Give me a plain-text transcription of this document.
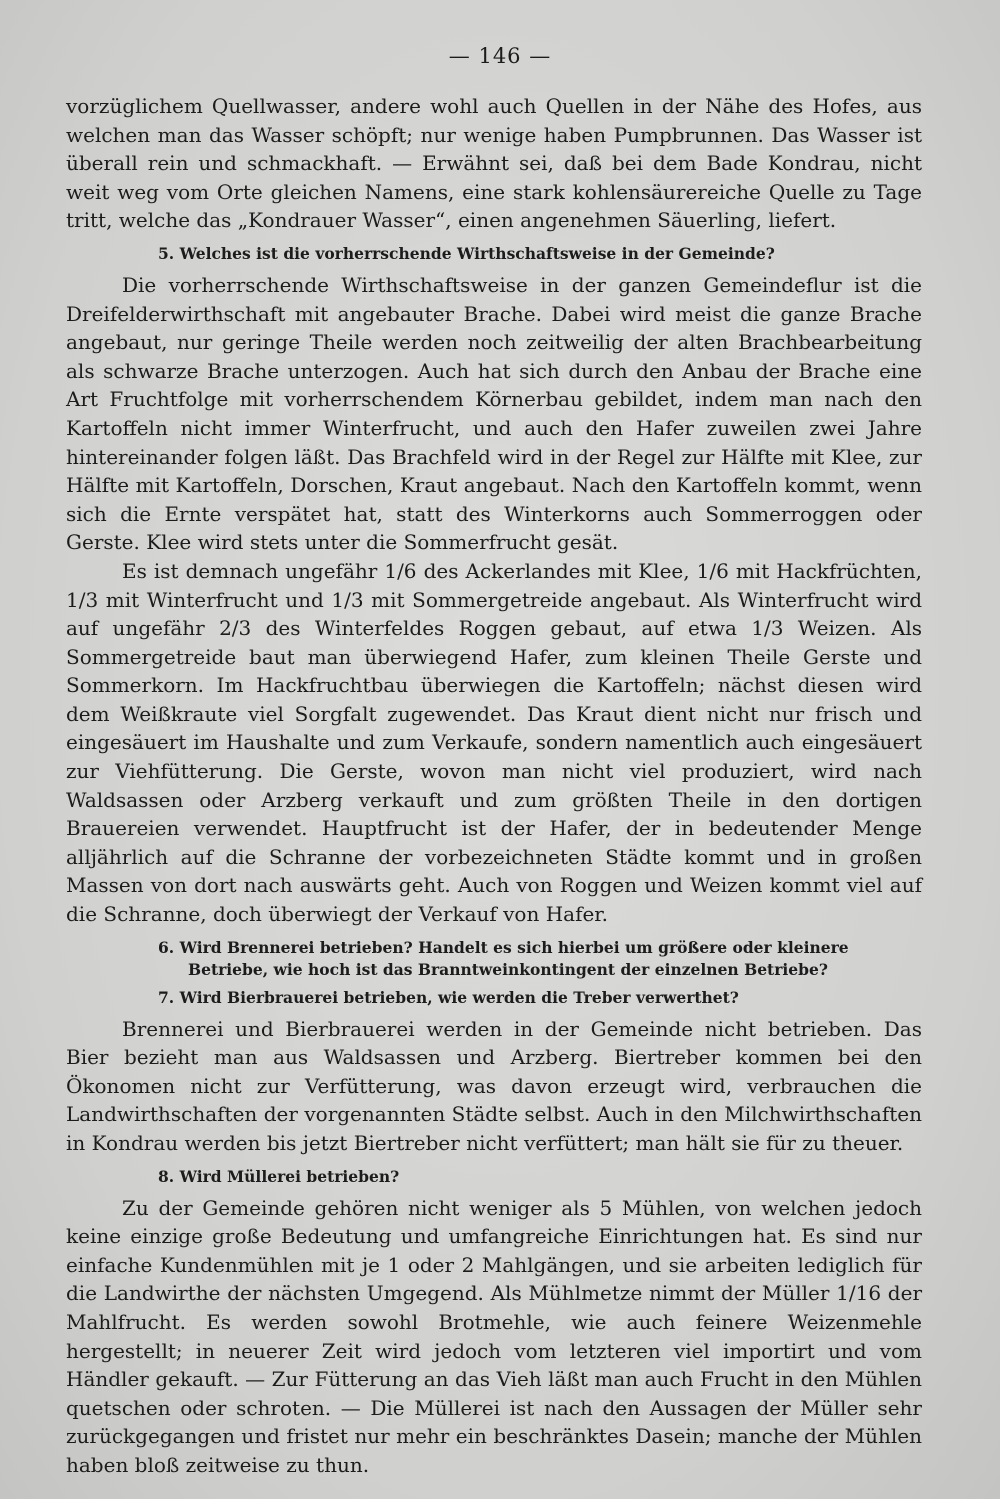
— 146 —

vorzüglichem Quellwasser, andere wohl auch Quellen in der Nähe des Hofes, aus welchen man das Wasser schöpft; nur wenige haben Pumpbrunnen. Das Wasser ist überall rein und schmackhaft. — Erwähnt sei, daß bei dem Bade Kondrau, nicht weit weg vom Orte gleichen Namens, eine stark kohlensäurereiche Quelle zu Tage tritt, welche das „Kondrauer Wasser“, einen angenehmen Säuerling, liefert.

5. Welches ist die vorherrschende Wirthschaftsweise in der Gemeinde?

Die vorherrschende Wirthschaftsweise in der ganzen Gemeindeflur ist die Dreifelderwirthschaft mit angebauter Brache. Dabei wird meist die ganze Brache angebaut, nur geringe Theile werden noch zeitweilig der alten Brachbearbeitung als schwarze Brache unterzogen. Auch hat sich durch den Anbau der Brache eine Art Fruchtfolge mit vorherrschendem Körnerbau gebildet, indem man nach den Kartoffeln nicht immer Winterfrucht, und auch den Hafer zuweilen zwei Jahre hintereinander folgen läßt. Das Brachfeld wird in der Regel zur Hälfte mit Klee, zur Hälfte mit Kartoffeln, Dorschen, Kraut angebaut. Nach den Kartoffeln kommt, wenn sich die Ernte verspätet hat, statt des Winterkorns auch Sommerroggen oder Gerste. Klee wird stets unter die Sommerfrucht gesät.

Es ist demnach ungefähr 1/6 des Ackerlandes mit Klee, 1/6 mit Hackfrüchten, 1/3 mit Winterfrucht und 1/3 mit Sommergetreide angebaut. Als Winterfrucht wird auf ungefähr 2/3 des Winterfeldes Roggen gebaut, auf etwa 1/3 Weizen. Als Sommergetreide baut man überwiegend Hafer, zum kleinen Theile Gerste und Sommerkorn. Im Hackfruchtbau überwiegen die Kartoffeln; nächst diesen wird dem Weißkraute viel Sorgfalt zugewendet. Das Kraut dient nicht nur frisch und eingesäuert im Haushalte und zum Verkaufe, sondern namentlich auch eingesäuert zur Viehfütterung. Die Gerste, wovon man nicht viel produziert, wird nach Waldsassen oder Arzberg verkauft und zum größten Theile in den dortigen Brauereien verwendet. Hauptfrucht ist der Hafer, der in bedeutender Menge alljährlich auf die Schranne der vorbezeichneten Städte kommt und in großen Massen von dort nach auswärts geht. Auch von Roggen und Weizen kommt viel auf die Schranne, doch überwiegt der Verkauf von Hafer.

6. Wird Brennerei betrieben? Handelt es sich hierbei um größere oder kleinere Betriebe, wie hoch ist das Branntweinkontingent der einzelnen Betriebe?

7. Wird Bierbrauerei betrieben, wie werden die Treber verwerthet?

Brennerei und Bierbrauerei werden in der Gemeinde nicht betrieben. Das Bier bezieht man aus Waldsassen und Arzberg. Biertreber kommen bei den Ökonomen nicht zur Verfütterung, was davon erzeugt wird, verbrauchen die Landwirthschaften der vorgenannten Städte selbst. Auch in den Milchwirthschaften in Kondrau werden bis jetzt Biertreber nicht verfüttert; man hält sie für zu theuer.

8. Wird Müllerei betrieben?

Zu der Gemeinde gehören nicht weniger als 5 Mühlen, von welchen jedoch keine einzige große Bedeutung und umfangreiche Einrichtungen hat. Es sind nur einfache Kundenmühlen mit je 1 oder 2 Mahlgängen, und sie arbeiten lediglich für die Landwirthe der nächsten Umgegend. Als Mühlmetze nimmt der Müller 1/16 der Mahlfrucht. Es werden sowohl Brotmehle, wie auch feinere Weizenmehle hergestellt; in neuerer Zeit wird jedoch vom letzteren viel importirt und vom Händler gekauft. — Zur Fütterung an das Vieh läßt man auch Frucht in den Mühlen quetschen oder schroten. — Die Müllerei ist nach den Aussagen der Müller sehr zurückgegangen und fristet nur mehr ein beschränktes Dasein; manche der Mühlen haben bloß zeitweise zu thun.
